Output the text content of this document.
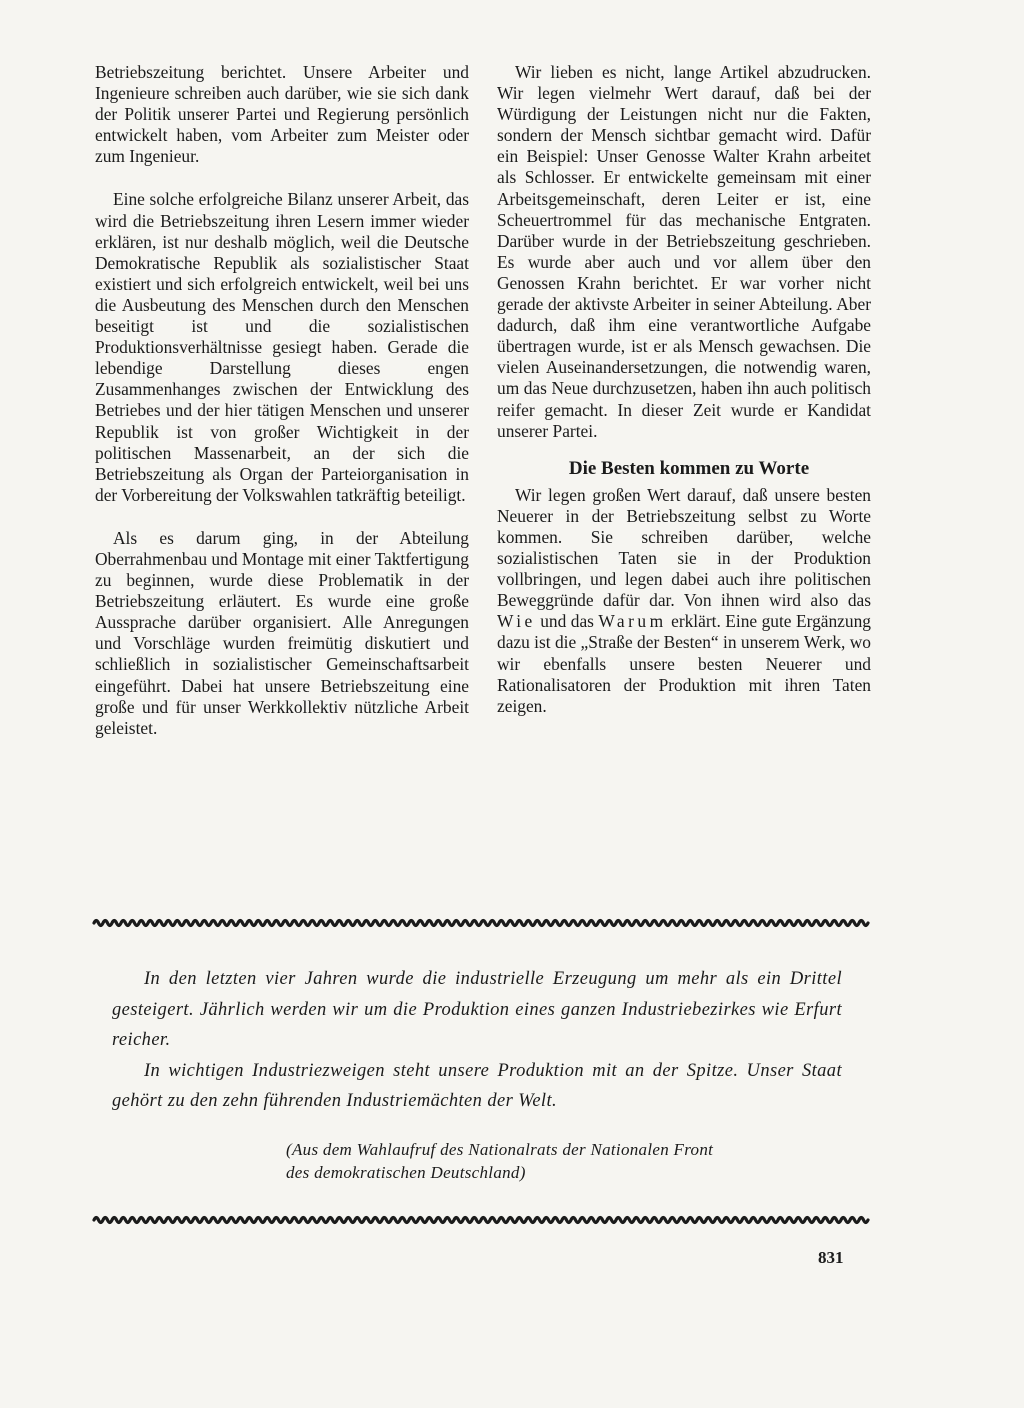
Betriebszeitung berichtet. Unsere Arbeiter und Ingenieure schreiben auch darüber, wie sie sich dank der Politik unserer Partei und Regierung persönlich entwickelt haben, vom Arbeiter zum Meister oder zum Ingenieur.

Eine solche erfolgreiche Bilanz unserer Arbeit, das wird die Betriebszeitung ihren Lesern immer wieder erklären, ist nur deshalb möglich, weil die Deutsche Demokratische Republik als sozialistischer Staat existiert und sich erfolgreich entwickelt, weil bei uns die Ausbeutung des Menschen durch den Menschen beseitigt ist und die sozialistischen Produktionsverhältnisse gesiegt haben. Gerade die lebendige Darstellung dieses engen Zusammenhanges zwischen der Entwicklung des Betriebes und der hier tätigen Menschen und unserer Republik ist von großer Wichtigkeit in der politischen Massenarbeit, an der sich die Betriebszeitung als Organ der Parteiorganisation in der Vorbereitung der Volkswahlen tatkräftig beteiligt.

Als es darum ging, in der Abteilung Oberrahmenbau und Montage mit einer Taktfertigung zu beginnen, wurde diese Problematik in der Betriebszeitung erläutert. Es wurde eine große Aussprache darüber organisiert. Alle Anregungen und Vorschläge wurden freimütig diskutiert und schließlich in sozialistischer Gemeinschaftsarbeit eingeführt. Dabei hat unsere Betriebszeitung eine große und für unser Werkkollektiv nützliche Arbeit geleistet.

Wir lieben es nicht, lange Artikel abzudrucken. Wir legen vielmehr Wert darauf, daß bei der Würdigung der Leistungen nicht nur die Fakten, sondern der Mensch sichtbar gemacht wird. Dafür ein Beispiel: Unser Genosse Walter Krahn arbeitet als Schlosser. Er entwickelte gemeinsam mit einer Arbeitsgemeinschaft, deren Leiter er ist, eine Scheuertrommel für das mechanische Entgraten. Darüber wurde in der Betriebszeitung geschrieben. Es wurde aber auch und vor allem über den Genossen Krahn berichtet. Er war vorher nicht gerade der aktivste Arbeiter in seiner Abteilung. Aber dadurch, daß ihm eine verantwortliche Aufgabe übertragen wurde, ist er als Mensch gewachsen. Die vielen Auseinandersetzungen, die notwendig waren, um das Neue durchzusetzen, haben ihn auch politisch reifer gemacht. In dieser Zeit wurde er Kandidat unserer Partei.

Die Besten kommen zu Worte

Wir legen großen Wert darauf, daß unsere besten Neuerer in der Betriebszeitung selbst zu Worte kommen. Sie schreiben darüber, welche sozialistischen Taten sie in der Produktion vollbringen, und legen dabei auch ihre politischen Beweggründe dafür dar. Von ihnen wird also das Wie und das Warum erklärt. Eine gute Ergänzung dazu ist die „Straße der Besten“ in unserem Werk, wo wir ebenfalls unsere besten Neuerer und Rationalisatoren der Produktion mit ihren Taten zeigen.

In den letzten vier Jahren wurde die industrielle Erzeugung um mehr als ein Drittel gesteigert. Jährlich werden wir um die Produktion eines ganzen Industriebezirkes wie Erfurt reicher.

In wichtigen Industriezweigen steht unsere Produktion mit an der Spitze. Unser Staat gehört zu den zehn führenden Industriemächten der Welt.

(Aus dem Wahlaufruf des Nationalrats der Nationalen Front
des demokratischen Deutschland)
831
